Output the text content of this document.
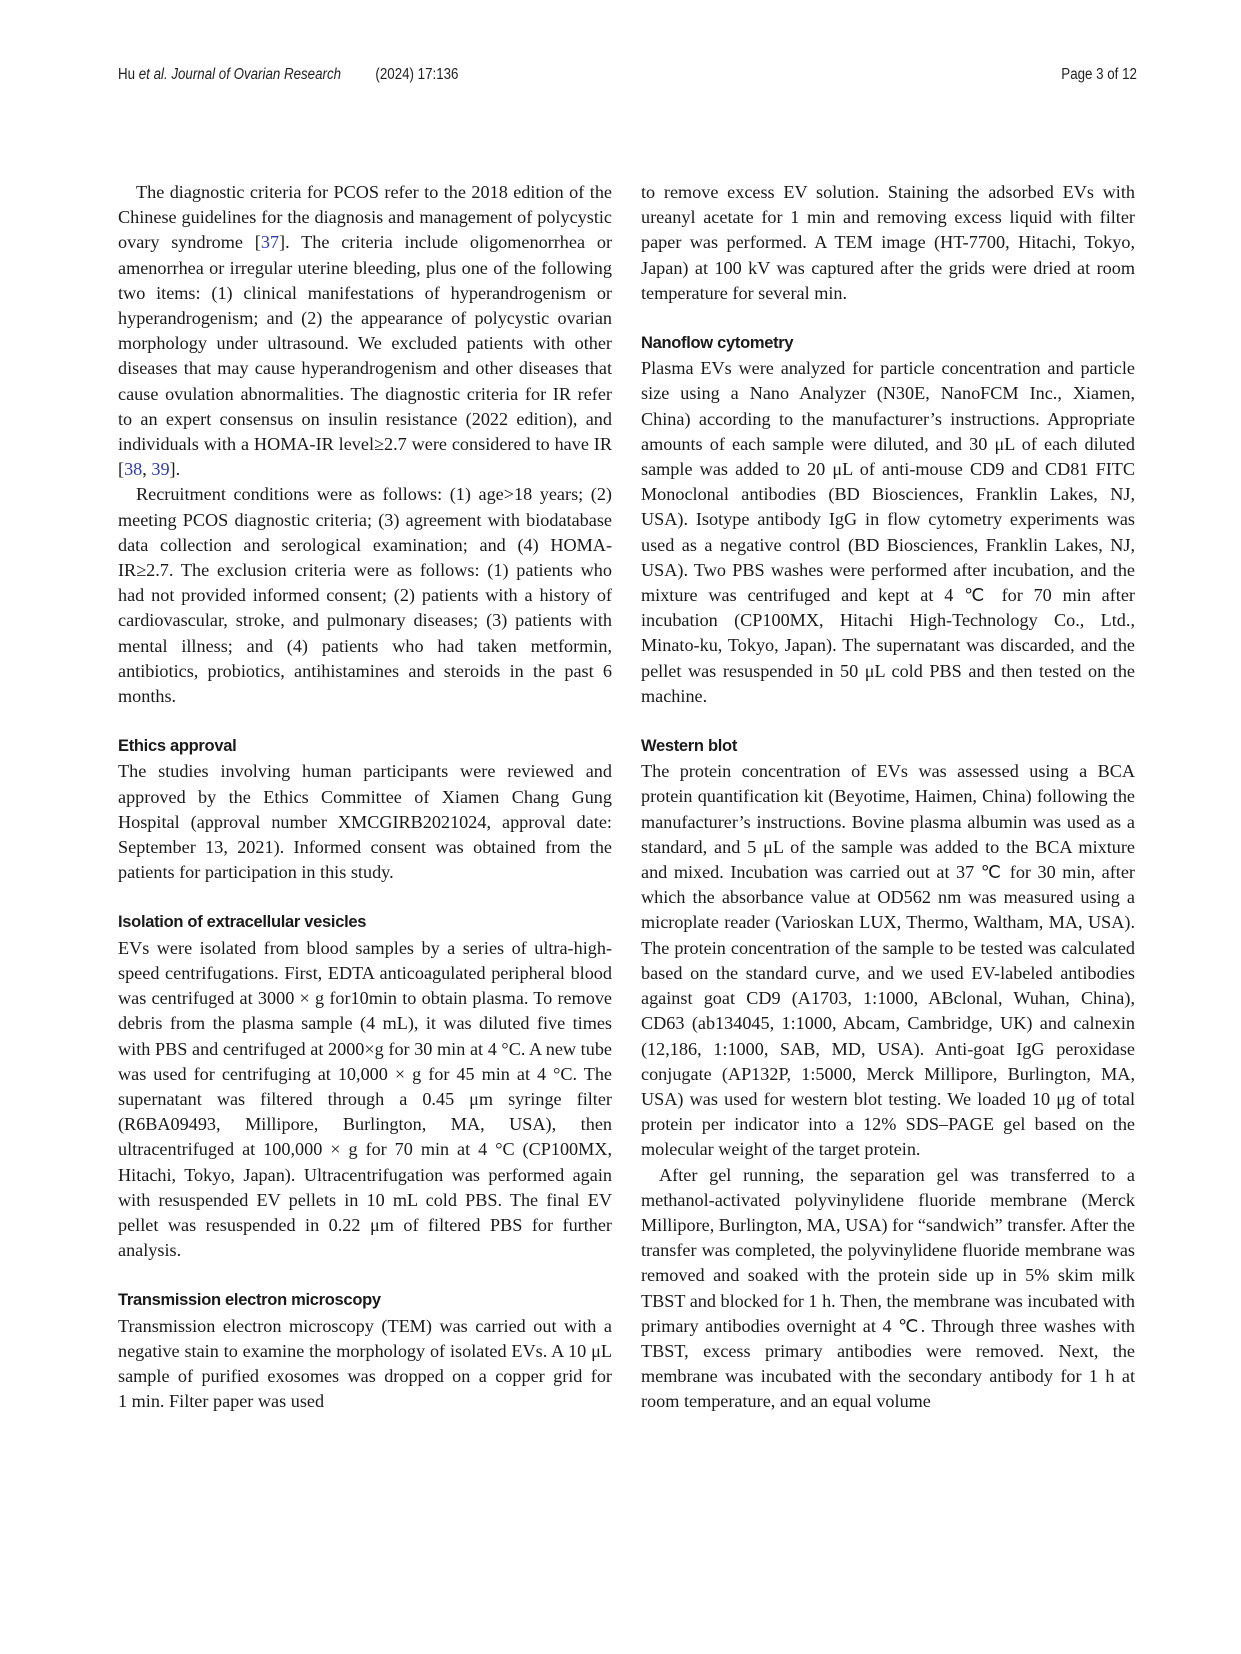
Hu et al. Journal of Ovarian Research (2024) 17:136	Page 3 of 12

The diagnostic criteria for PCOS refer to the 2018 edition of the Chinese guidelines for the diagnosis and management of polycystic ovary syndrome [37]. The criteria include oligomenorrhea or amenorrhea or irregular uterine bleeding, plus one of the following two items: (1) clinical manifestations of hyperandrogenism or hyperandrogenism; and (2) the appearance of polycystic ovarian morphology under ultrasound. We excluded patients with other diseases that may cause hyperandrogenism and other diseases that cause ovulation abnormalities. The diagnostic criteria for IR refer to an expert consensus on insulin resistance (2022 edition), and individuals with a HOMA-IR level≥2.7 were considered to have IR [38, 39].

Recruitment conditions were as follows: (1) age>18 years; (2) meeting PCOS diagnostic criteria; (3) agreement with biodatabase data collection and serological examination; and (4) HOMA-IR≥2.7. The exclusion criteria were as follows: (1) patients who had not provided informed consent; (2) patients with a history of cardiovascular, stroke, and pulmonary diseases; (3) patients with mental illness; and (4) patients who had taken metformin, antibiotics, probiotics, antihistamines and steroids in the past 6 months.

Ethics approval

The studies involving human participants were reviewed and approved by the Ethics Committee of Xiamen Chang Gung Hospital (approval number XMCGIRB2021024, approval date: September 13, 2021). Informed consent was obtained from the patients for participation in this study.

Isolation of extracellular vesicles

EVs were isolated from blood samples by a series of ultra-high-speed centrifugations. First, EDTA anticoagulated peripheral blood was centrifuged at 3000 × g for10min to obtain plasma. To remove debris from the plasma sample (4 mL), it was diluted five times with PBS and centrifuged at 2000×g for 30 min at 4 °C. A new tube was used for centrifuging at 10,000 × g for 45 min at 4 °C. The supernatant was filtered through a 0.45 μm syringe filter (R6BA09493, Millipore, Burlington, MA, USA), then ultracentrifuged at 100,000 × g for 70 min at 4 °C (CP100MX, Hitachi, Tokyo, Japan). Ultracentrifugation was performed again with resuspended EV pellets in 10 mL cold PBS. The final EV pellet was resuspended in 0.22 μm of filtered PBS for further analysis.

Transmission electron microscopy

Transmission electron microscopy (TEM) was carried out with a negative stain to examine the morphology of isolated EVs. A 10 μL sample of purified exosomes was dropped on a copper grid for 1 min. Filter paper was used

to remove excess EV solution. Staining the adsorbed EVs with ureanyl acetate for 1 min and removing excess liquid with filter paper was performed. A TEM image (HT-7700, Hitachi, Tokyo, Japan) at 100 kV was captured after the grids were dried at room temperature for several min.

Nanoflow cytometry

Plasma EVs were analyzed for particle concentration and particle size using a Nano Analyzer (N30E, NanoFCM Inc., Xiamen, China) according to the manufacturer’s instructions. Appropriate amounts of each sample were diluted, and 30 μL of each diluted sample was added to 20 μL of anti-mouse CD9 and CD81 FITC Monoclonal antibodies (BD Biosciences, Franklin Lakes, NJ, USA). Isotype antibody IgG in flow cytometry experiments was used as a negative control (BD Biosciences, Franklin Lakes, NJ, USA). Two PBS washes were performed after incubation, and the mixture was centrifuged and kept at 4 ℃ for 70 min after incubation (CP100MX, Hitachi High-Technology Co., Ltd., Minato-ku, Tokyo, Japan). The supernatant was discarded, and the pellet was resuspended in 50 μL cold PBS and then tested on the machine.

Western blot

The protein concentration of EVs was assessed using a BCA protein quantification kit (Beyotime, Haimen, China) following the manufacturer’s instructions. Bovine plasma albumin was used as a standard, and 5 μL of the sample was added to the BCA mixture and mixed. Incubation was carried out at 37 ℃ for 30 min, after which the absorbance value at OD562 nm was measured using a microplate reader (Varioskan LUX, Thermo, Waltham, MA, USA). The protein concentration of the sample to be tested was calculated based on the standard curve, and we used EV-labeled antibodies against goat CD9 (A1703, 1:1000, ABclonal, Wuhan, China), CD63 (ab134045, 1:1000, Abcam, Cambridge, UK) and calnexin (12,186, 1:1000, SAB, MD, USA). Anti-goat IgG peroxidase conjugate (AP132P, 1:5000, Merck Millipore, Burlington, MA, USA) was used for western blot testing. We loaded 10 μg of total protein per indicator into a 12% SDS–PAGE gel based on the molecular weight of the target protein.

After gel running, the separation gel was transferred to a methanol-activated polyvinylidene fluoride membrane (Merck Millipore, Burlington, MA, USA) for “sandwich” transfer. After the transfer was completed, the polyvinylidene fluoride membrane was removed and soaked with the protein side up in 5% skim milk TBST and blocked for 1 h. Then, the membrane was incubated with primary antibodies overnight at 4 ℃. Through three washes with TBST, excess primary antibodies were removed. Next, the membrane was incubated with the secondary antibody for 1 h at room temperature, and an equal volume
